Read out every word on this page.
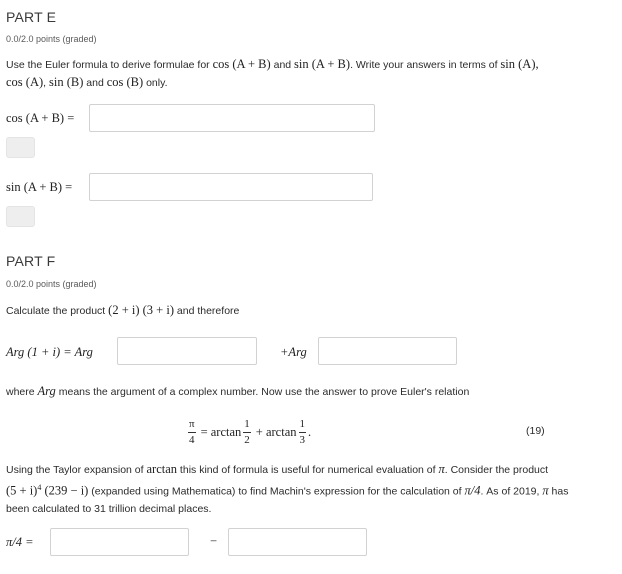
PART E
0.0/2.0 points (graded)
Use the Euler formula to derive formulae for cos (A + B) and sin (A + B). Write your answers in terms of sin (A),
cos (A), sin (B) and cos (B) only.
cos (A + B) =
sin (A + B) =
PART F
0.0/2.0 points (graded)
Calculate the product (2 + i) (3 + i) and therefore
Arg (1 + i) = Arg	+Arg
where Arg means the argument of a complex number. Now use the answer to prove Euler's relation
$\frac{\pi}{4} = \arctan \frac{1}{2} + \arctan \frac{1}{3}$ .	(19)
Using the Taylor expansion of arctan this kind of formula is useful for numerical evaluation of π. Consider the product
$(5 + i)^4$ (239 − i) (expanded using Mathematica) to find Machin's expression for the calculation of π/4. As of 2019, π has
been calculated to 31 trillion decimal places.
π/4 =	−
